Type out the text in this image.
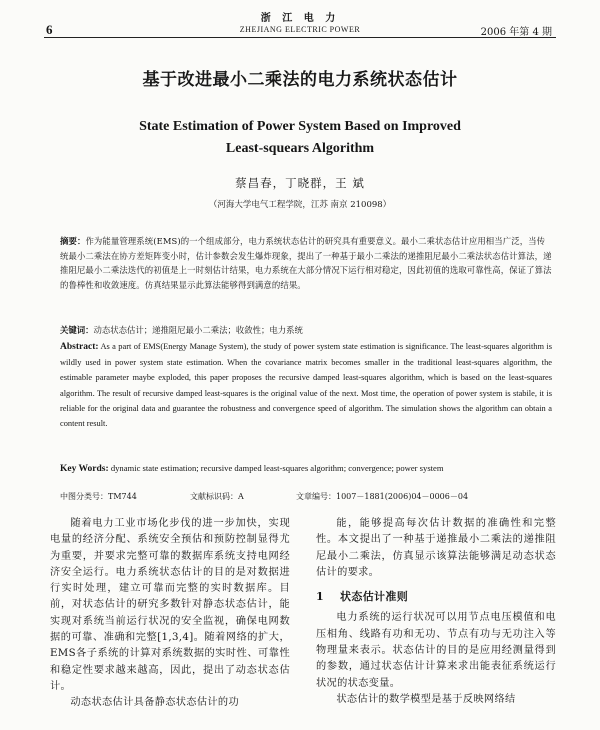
6
浙 江 电 力
ZHEJIANG ELECTRIC POWER	2006 年第 4 期
基于改进最小二乘法的电力系统状态估计
State Estimation of Power System Based on Improved
Least-squears Algorithm
蔡昌春，丁晓群，王 斌
（河海大学电气工程学院，江苏 南京 210098）

摘要：作为能量管理系统(EMS)的一个组成部分，电力系统状态估计的研究具有重要意义。最小二乘状态估计应用相当广泛，当传统最小二乘法在协方差矩阵变小时，估计参数会发生爆炸现象，提出了一种基于最小二乘法的递推阻尼最小二乘法状态估计算法，递推阻尼最小二乘法迭代的初值是上一时刻估计结果，电力系统在大部分情况下运行相对稳定，因此初值的选取可靠性高，保证了算法的鲁棒性和收敛速度。仿真结果显示此算法能够得到满意的结果。

关键词：动态状态估计；递推阻尼最小二乘法；收敛性；电力系统

Abstract: As a part of EMS(Energy Manage System), the study of power system state estimation is significance. The least-squares algorithm is wildly used in power system state estimation. When the covariance matrix becomes smaller in the traditional least-squares algorithm, the estimable parameter maybe exploded, this paper proposes the recursive damped least-squares algorithm, which is based on the least-squares algorithm. The result of recursive damped least-squares is the original value of the next. Most time, the operation of power system is stabile, it is reliable for the original data and guarantee the robustness and convergence speed of algorithm. The simulation shows the algorithm can obtain a content result.

Key Words: dynamic state estimation; recursive damped least-squares algorithm; convergence; power system

中图分类号：TM744	文献标识码：A	文章编号：1007－1881(2006)04－0006－04

随着电力工业市场化步伐的进一步加快，实现电量的经济分配、系统安全预估和预防控制显得尤为重要，并要求完整可靠的数据库系统支持电网经济安全运行。电力系统状态估计的目的是对数据进行实时处理，建立可靠而完整的实时数据库。目前，对状态估计的研究多数针对静态状态估计，能实现对系统当前运行状况的安全监视，确保电网数据的可靠、准确和完整[1,3,4]。随着网络的扩大，EMS各子系统的计算对系统数据的实时性、可靠性和稳定性要求越来越高，因此，提出了动态状态估计。

动态状态估计具备静态状态估计的功

能，能够提高每次估计数据的准确性和完整性。本文提出了一种基于递推最小二乘法的递推阻尼最小二乘法，仿真显示该算法能够满足动态状态估计的要求。

1 状态估计准则

电力系统的运行状况可以用节点电压模值和电压相角、线路有功和无功、节点有功与无功注入等物理量来表示。状态估计的目的是应用经测量得到的参数，通过状态估计计算来求出能表征系统运行状况的状态变量。

状态估计的数学模型是基于反映网络结
